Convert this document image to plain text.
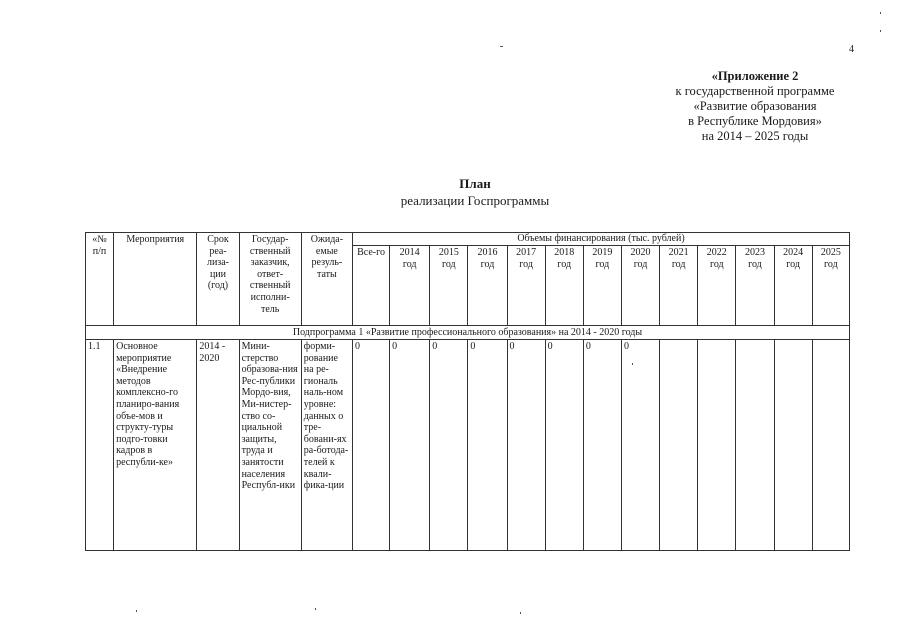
4
«Приложение 2
к государственной программе
«Развитие образования
в Республике Мордовия»
на 2014 – 2025 годы
План
реализации Госпрограммы
«№ п/п	Мероприятия	Срок реа-лиза-ции (год)	Государ-ственный заказчик, ответ-ственный исполни-тель	Ожида-емые резуль-таты	Объемы финансирования (тыс. рублей)												
					Все-го	2014 год	2015 год	2016 год	2017 год	2018 год	2019 год	2020 год	2021 год	2022 год	2023 год	2024 год	2025 год
Подпрограмма 1 «Развитие профессионального образования» на 2014 - 2020 годы																	
1.1	Основное мероприятие «Внедрение методов комплексно-го планиро-вания объе-мов и структу-туры подго-товки кадров в республи-ке»	2014 - 2020	Мини-стерство образова-ния Рес-публики Мордо-вия, Ми-нистер-ство со-циальной защиты, труда и занятости населения Республ-ики	форми-рование на ре-гиональ наль-ном уровне: данных о тре-бовани-ях ра-ботода-телей к квали-фика-ции	0	0	0	0	0	0	0	0					
